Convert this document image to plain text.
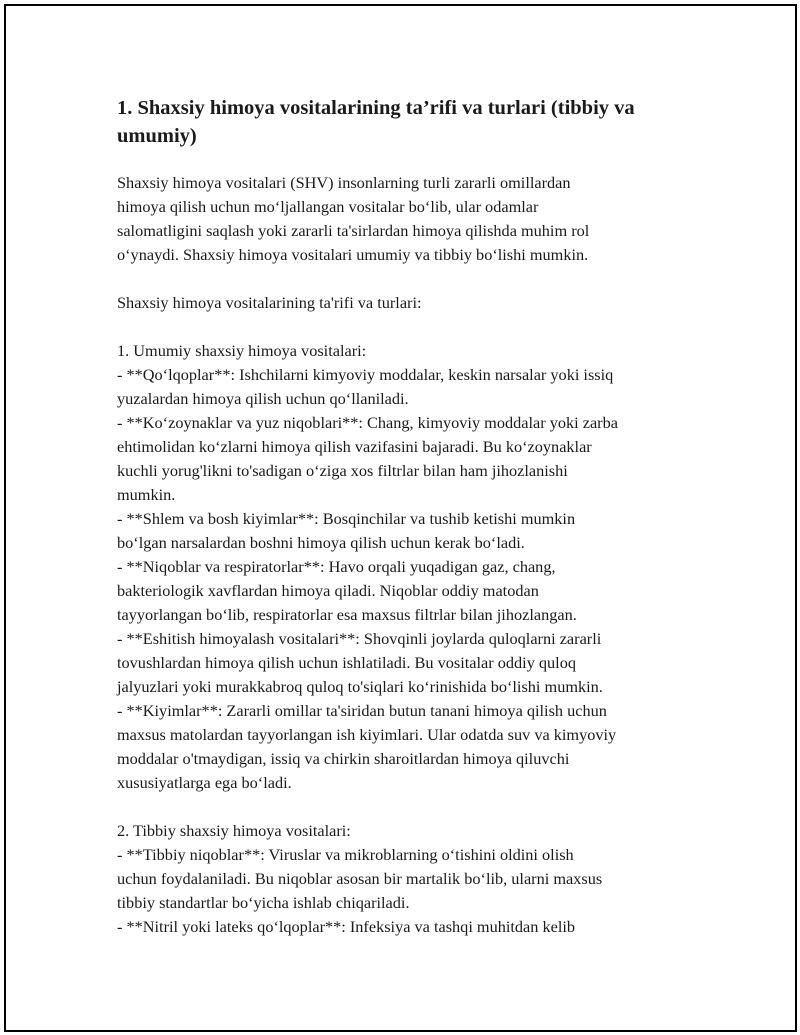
1. Shaxsiy himoya vositalarining ta’rifi va turlari (tibbiy va
umumiy)
Shaxsiy himoya vositalari (SHV) insonlarning turli zararli omillardan
himoya qilish uchun mo‘ljallangan vositalar bo‘lib, ular odamlar
salomatligini saqlash yoki zararli ta'sirlardan himoya qilishda muhim rol
o‘ynaydi. Shaxsiy himoya vositalari umumiy va tibbiy bo‘lishi mumkin.
Shaxsiy himoya vositalarining ta'rifi va turlari:
1. Umumiy shaxsiy himoya vositalari:
- **Qo‘lqoplar**: Ishchilarni kimyoviy moddalar, keskin narsalar yoki issiq
yuzalardan himoya qilish uchun qo‘llaniladi.
- **Ko‘zoynaklar va yuz niqoblari**: Chang, kimyoviy moddalar yoki zarba
ehtimolidan ko‘zlarni himoya qilish vazifasini bajaradi. Bu ko‘zoynaklar
kuchli yorug'likni to'sadigan o‘ziga xos filtrlar bilan ham jihozlanishi
mumkin.
- **Shlem va bosh kiyimlar**: Bosqinchilar va tushib ketishi mumkin
bo‘lgan narsalardan boshni himoya qilish uchun kerak bo‘ladi.
- **Niqoblar va respiratorlar**: Havo orqali yuqadigan gaz, chang,
bakteriologik xavflardan himoya qiladi. Niqoblar oddiy matodan
tayyorlangan bo‘lib, respiratorlar esa maxsus filtrlar bilan jihozlangan.
- **Eshitish himoyalash vositalari**: Shovqinli joylarda quloqlarni zararli
tovushlardan himoya qilish uchun ishlatiladi. Bu vositalar oddiy quloq
jalyuzlari yoki murakkabroq quloq to'siqlari ko‘rinishida bo‘lishi mumkin.
- **Kiyimlar**: Zararli omillar ta'siridan butun tanani himoya qilish uchun
maxsus matolardan tayyorlangan ish kiyimlari. Ular odatda suv va kimyoviy
moddalar o'tmaydigan, issiq va chirkin sharoitlardan himoya qiluvchi
xususiyatlarga ega bo‘ladi.
2. Tibbiy shaxsiy himoya vositalari:
- **Tibbiy niqoblar**: Viruslar va mikroblarning o‘tishini oldini olish
uchun foydalaniladi. Bu niqoblar asosan bir martalik bo‘lib, ularni maxsus
tibbiy standartlar bo‘yicha ishlab chiqariladi.
- **Nitril yoki lateks qo‘lqoplar**: Infeksiya va tashqi muhitdan kelib
